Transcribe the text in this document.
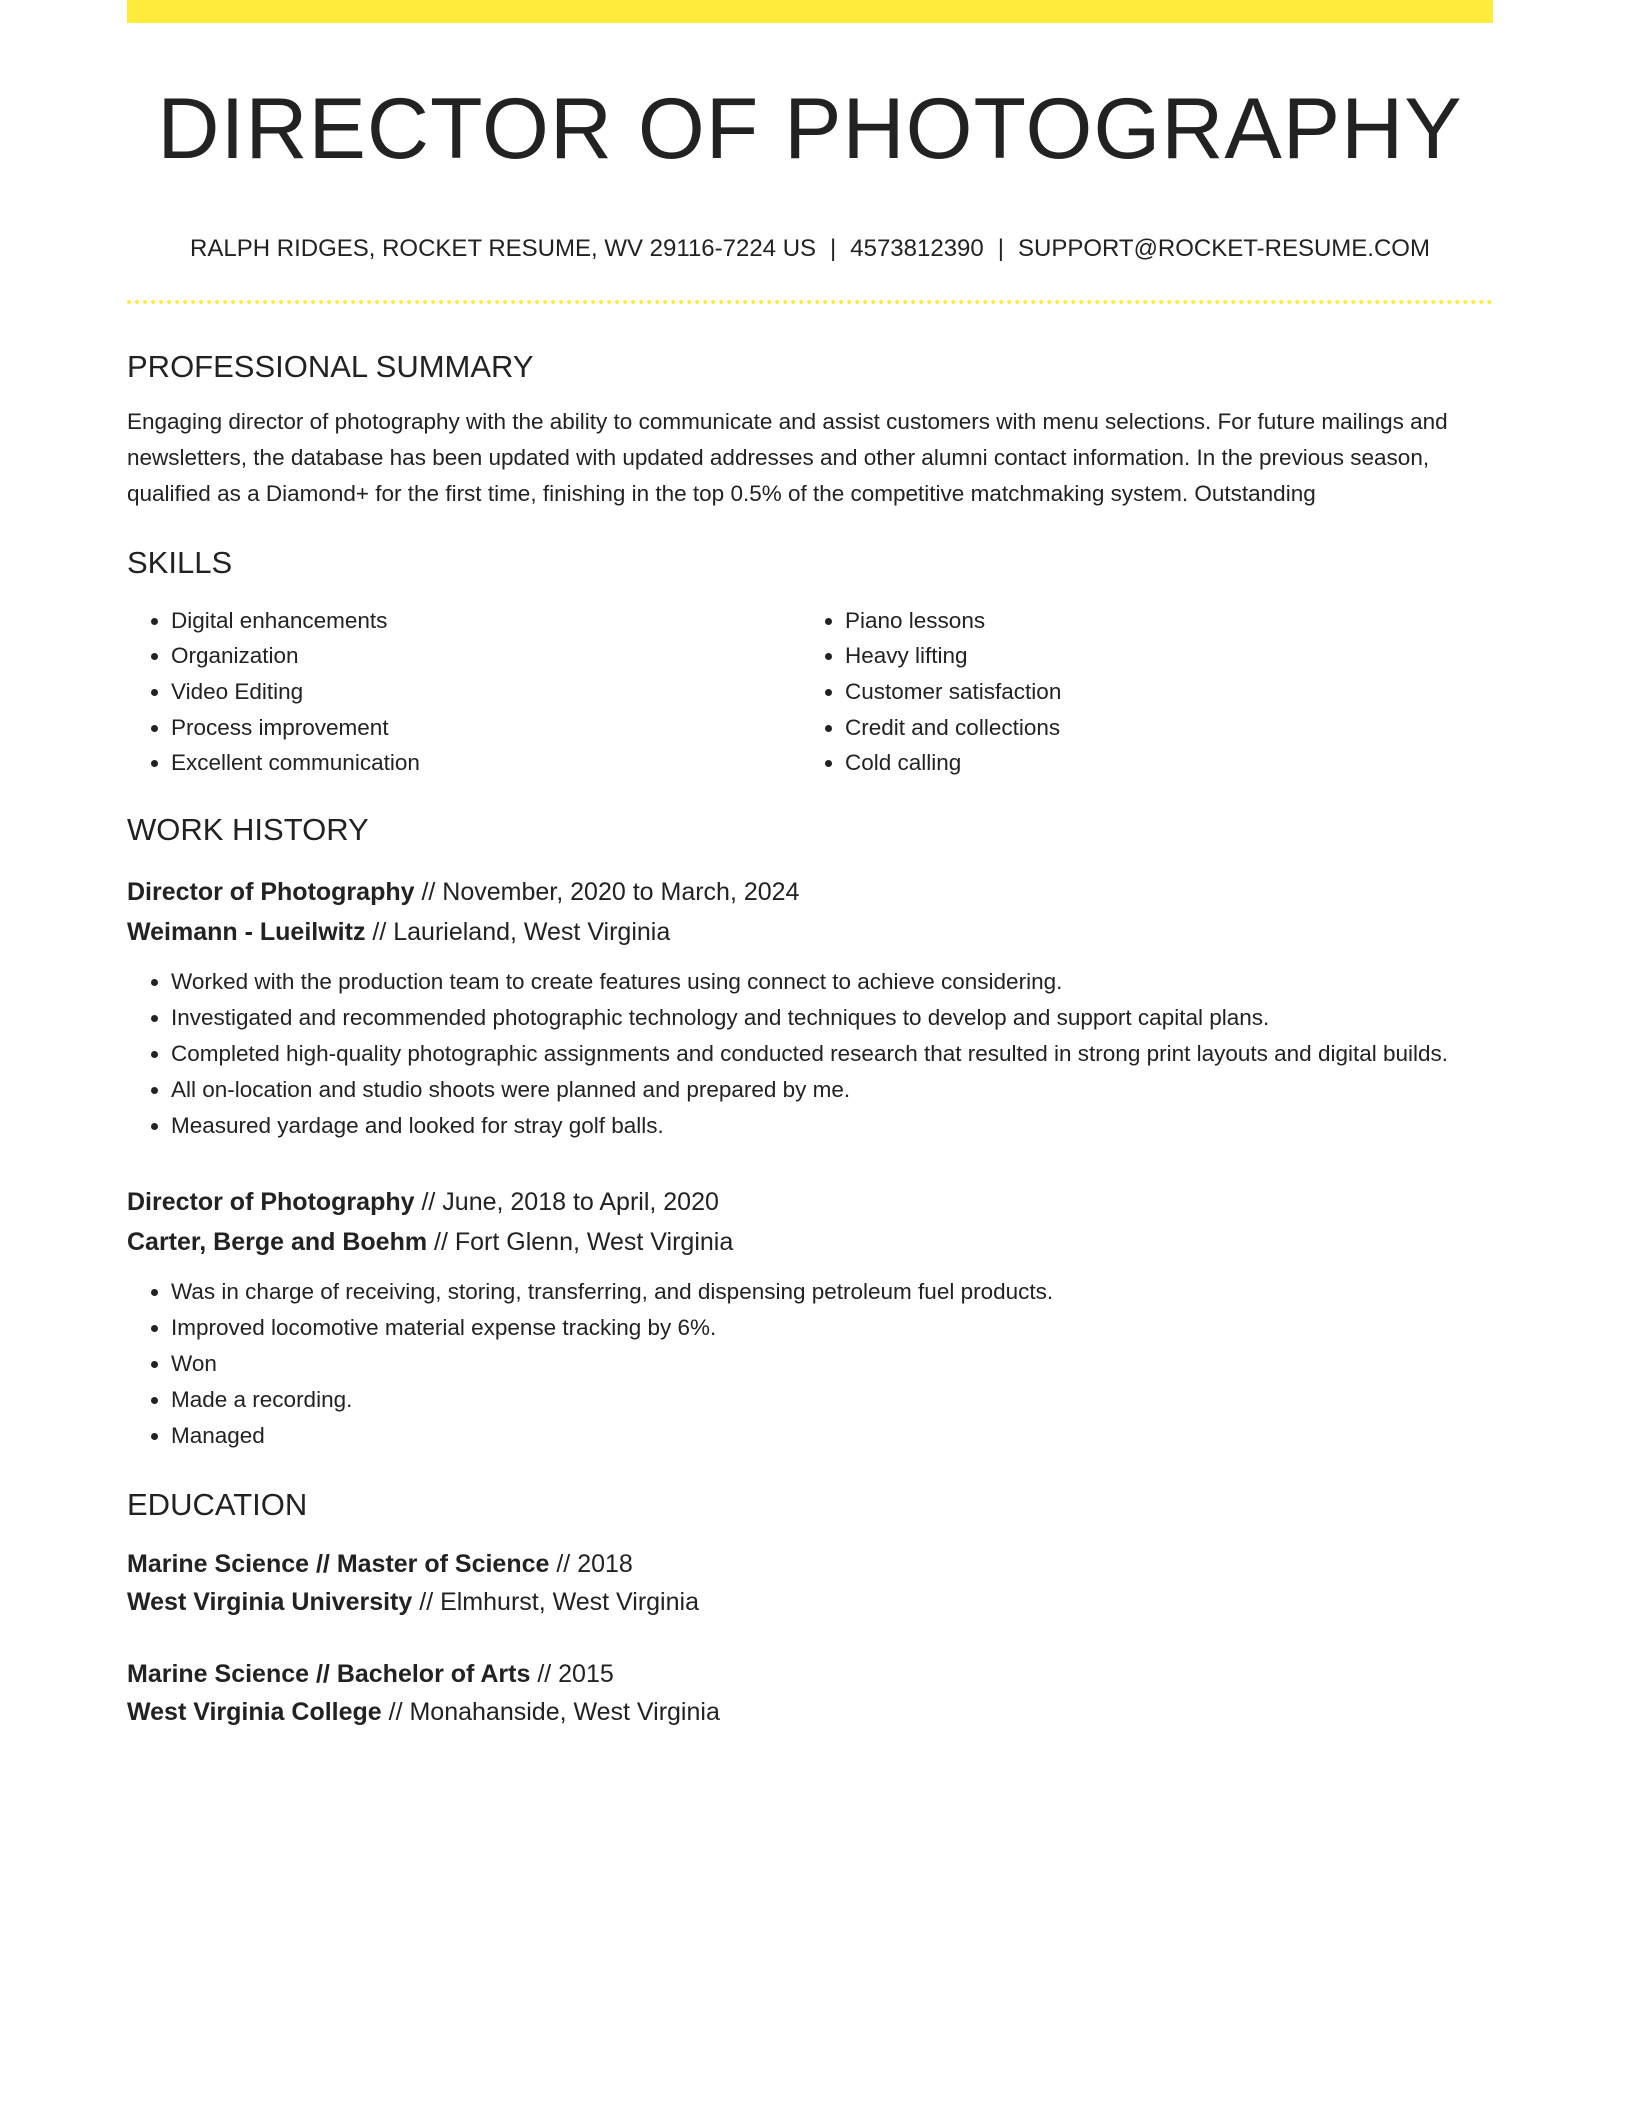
DIRECTOR OF PHOTOGRAPHY
RALPH RIDGES, ROCKET RESUME, WV 29116-7224 US | 4573812390 | SUPPORT@ROCKET-RESUME.COM
PROFESSIONAL SUMMARY

Engaging director of photography with the ability to communicate and assist customers with menu selections. For future mailings and newsletters, the database has been updated with updated addresses and other alumni contact information. In the previous season, qualified as a Diamond+ for the first time, finishing in the top 0.5% of the competitive matchmaking system. Outstanding

SKILLS
• Digital enhancements
• Organization
• Video Editing
• Process improvement
• Excellent communication
• Piano lessons
• Heavy lifting
• Customer satisfaction
• Credit and collections
• Cold calling
WORK HISTORY
Director of Photography // November, 2020 to March, 2024
Weimann - Lueilwitz // Laurieland, West Virginia
• Worked with the production team to create features using connect to achieve considering.
• Investigated and recommended photographic technology and techniques to develop and support capital plans.
• Completed high-quality photographic assignments and conducted research that resulted in strong print layouts and digital builds.
• All on-location and studio shoots were planned and prepared by me.
• Measured yardage and looked for stray golf balls.
Director of Photography // June, 2018 to April, 2020
Carter, Berge and Boehm // Fort Glenn, West Virginia
• Was in charge of receiving, storing, transferring, and dispensing petroleum fuel products.
• Improved locomotive material expense tracking by 6%.
• Won
• Made a recording.
• Managed
EDUCATION
Marine Science // Master of Science // 2018
West Virginia University // Elmhurst, West Virginia
Marine Science // Bachelor of Arts // 2015
West Virginia College // Monahanside, West Virginia
